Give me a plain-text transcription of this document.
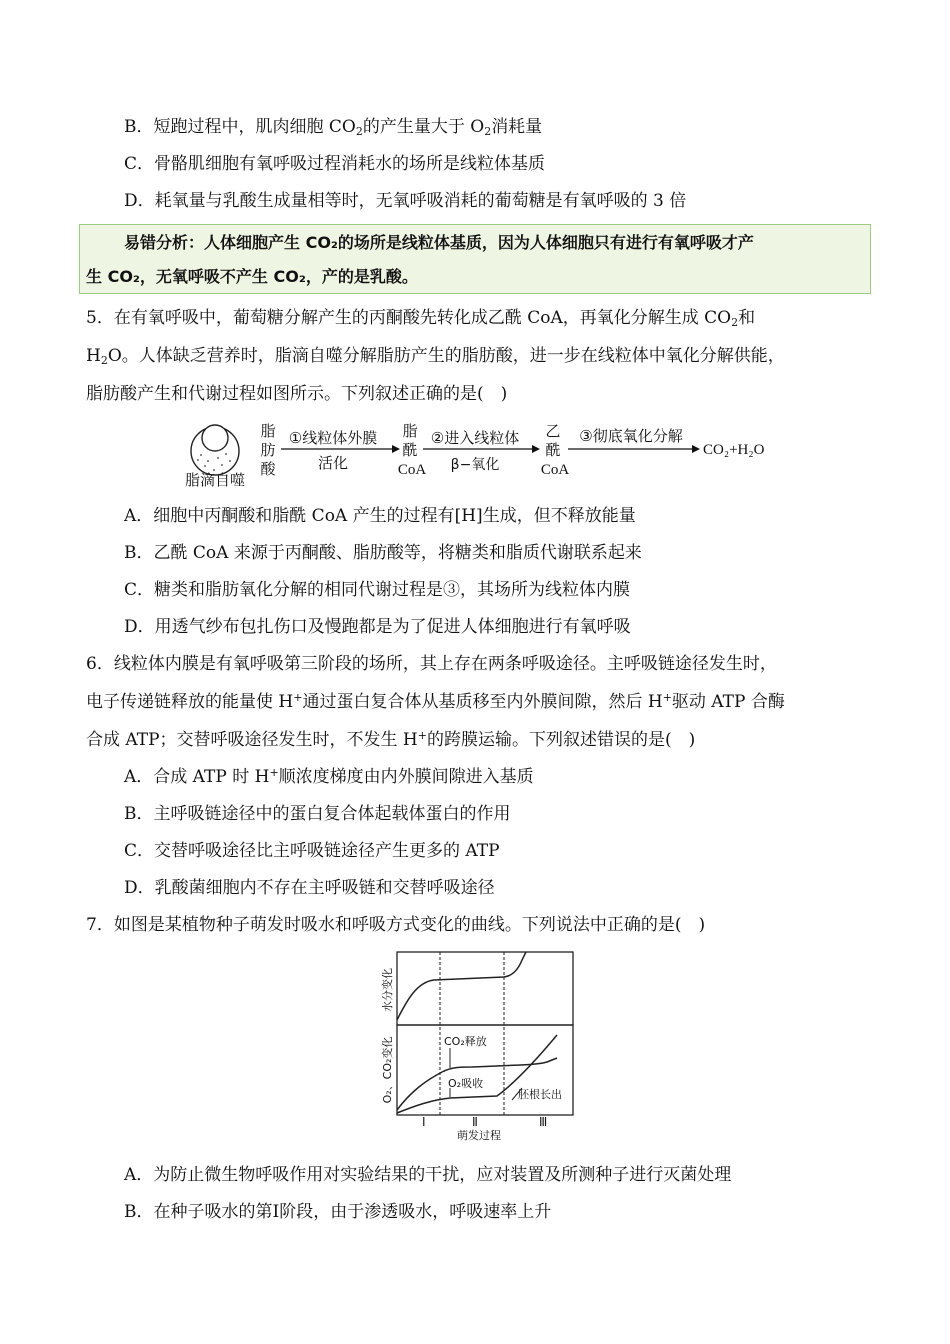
B．短跑过程中，肌肉细胞 $CO_2$的产生量大于 $O_2$消耗量
C．骨骼肌细胞有氧呼吸过程消耗水的场所是线粒体基质
D．耗氧量与乳酸生成量相等时，无氧呼吸消耗的葡萄糖是有氧呼吸的 3 倍
易错分析：人体细胞产生 CO₂的场所是线粒体基质，因为人体细胞只有进行有氧呼吸才产
生 CO₂，无氧呼吸不产生 CO₂，产的是乳酸。
5．在有氧呼吸中，葡萄糖分解产生的丙酮酸先转化成乙酰 CoA，再氧化分解生成 $CO_2$和
$H_2O$。人体缺乏营养时，脂滴自噬分解脂肪产生的脂肪酸，进一步在线粒体中氧化分解供能，
脂肪酸产生和代谢过程如图所示。下列叙述正确的是(　)
脂滴自噬
脂
肪
酸
①线粒体外膜
活化
脂
酰
CoA
②进入线粒体
β−氧化
乙
酰
CoA
③彻底氧化分解
CO₂+H₂O
A．细胞中丙酮酸和脂酰 CoA 产生的过程有[H]生成，但不释放能量
B．乙酰 CoA 来源于丙酮酸、脂肪酸等，将糖类和脂质代谢联系起来
C．糖类和脂肪氧化分解的相同代谢过程是③，其场所为线粒体内膜
D．用透气纱布包扎伤口及慢跑都是为了促进人体细胞进行有氧呼吸
6．线粒体内膜是有氧呼吸第三阶段的场所，其上存在两条呼吸途径。主呼吸链途径发生时，
电子传递链释放的能量使 H+通过蛋白复合体从基质移至内外膜间隙，然后 H+驱动 ATP 合酶
合成 ATP；交替呼吸途径发生时，不发生 H+的跨膜运输。下列叙述错误的是(　)
A．合成 ATP 时 H+顺浓度梯度由内外膜间隙进入基质
B．主呼吸链途径中的蛋白复合体起载体蛋白的作用
C．交替呼吸途径比主呼吸链途径产生更多的 ATP
D．乳酸菌细胞内不存在主呼吸链和交替呼吸途径
7．如图是某植物种子萌发时吸水和呼吸方式变化的曲线。下列说法中正确的是(　)
CO₂释放
O₂吸收
胚根长出
水分变化
O₂、CO₂变化
Ⅰ	Ⅱ	Ⅲ
萌发过程
A．为防止微生物呼吸作用对实验结果的干扰，应对装置及所测种子进行灭菌处理
B．在种子吸水的第Ⅰ阶段，由于渗透吸水，呼吸速率上升
